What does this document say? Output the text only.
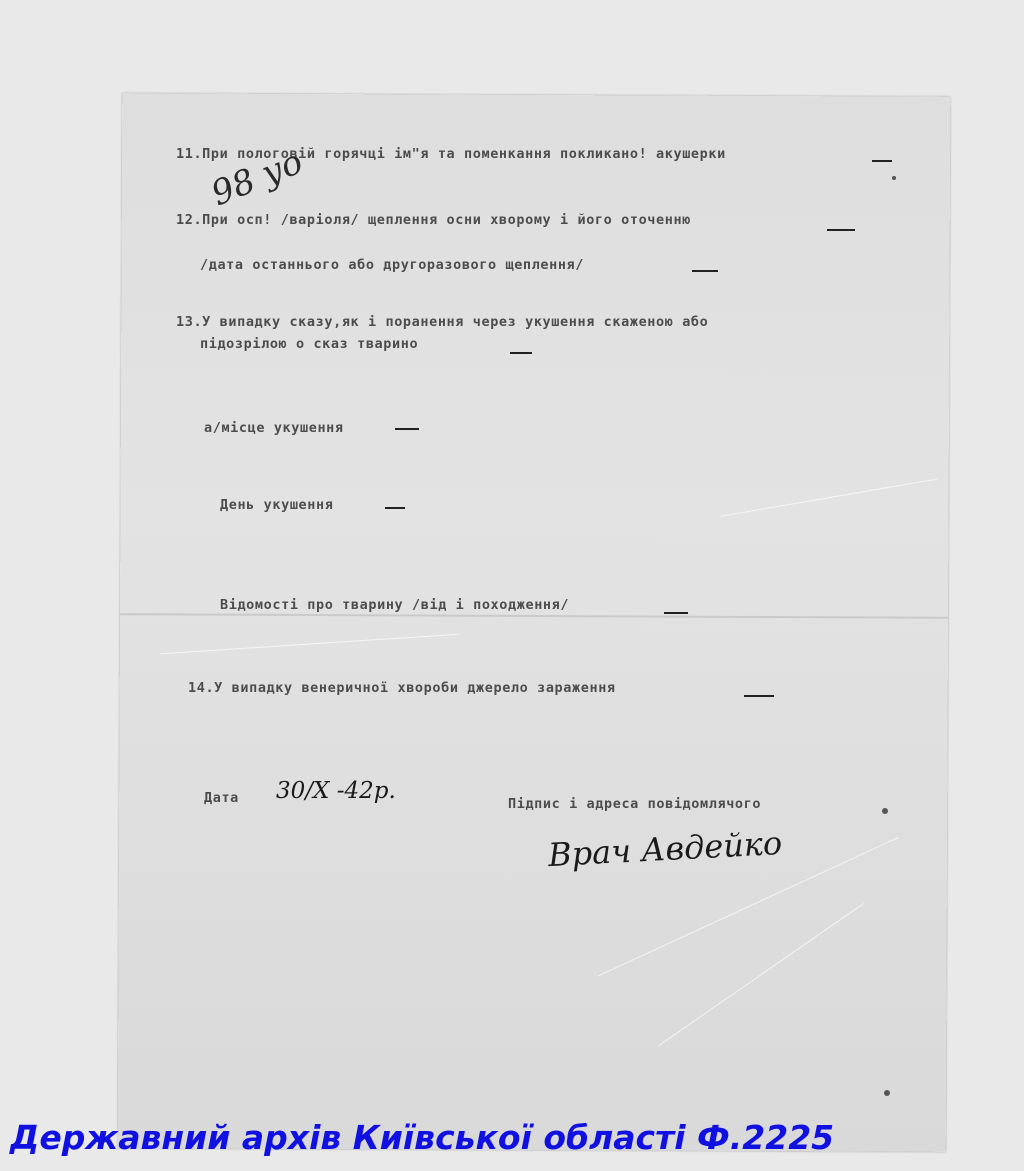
11.При пологовій горячці ім"я та поменкання покликано! акушерки
12.При осп! /варіоля/ щеплення осни хворому і його оточенню
/дата останнього або другоразового щеплення/
13.У випадку сказу,як і поранення через укушення скаженою або
підозрілою о сказ тварино
а/місце укушення
День укушення
Відомості про тварину /від і походження/
14.У випадку венеричної хвороби джерело зараження
Дата 30/X -42р.	Підпис і адреса повідомлячого
Врач Авдейко
98 уо
Державний архів Київської області Ф.2225
